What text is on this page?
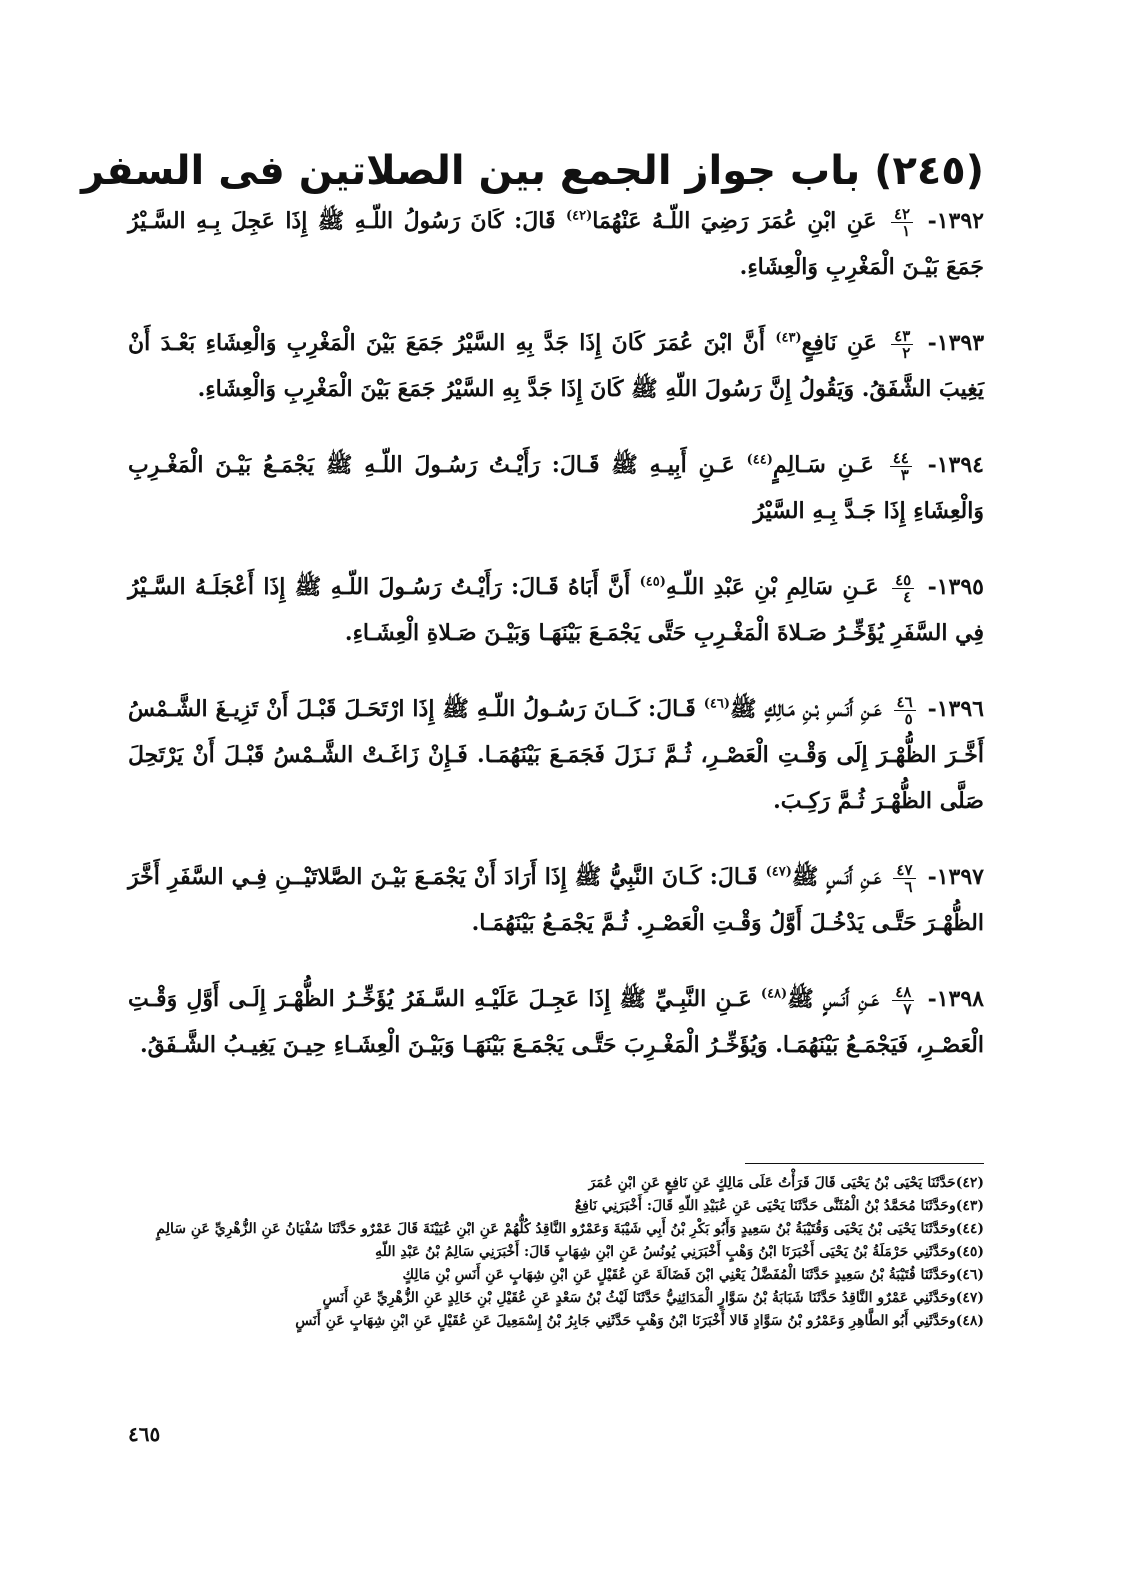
(٢٤٥) باب جواز الجمع بين الصلاتين فى السفر

١٣٩٢-
$\frac{٤٢}{١}$
عَنِ ابْنِ عُمَرَ رَضِيَ اللّـهُ عَنْهُمَا$^{(٤٢)}$ قَالَ: كَانَ رَسُولُ اللّـهِ ﷺ إِذَا عَجِلَ بِـهِ السَّـيْرُ جَمَعَ بَيْـنَ الْمَغْرِبِ وَالْعِشَاءِ.

١٣٩٣-
$\frac{٤٣}{٢}$
عَنِ نَافِعٍ$^{(٤٣)}$ أَنَّ ابْنَ عُمَرَ كَانَ إِذَا جَدَّ بِهِ السَّيْرُ جَمَعَ بَيْنَ الْمَغْرِبِ وَالْعِشَاءِ بَعْـدَ أَنْ يَغِيبَ الشَّفَقُ. وَيَقُولُ إِنَّ رَسُولَ اللّهِ ﷺ كَانَ إِذَا جَدَّ بِهِ السَّيْرُ جَمَعَ بَيْنَ الْمَغْرِبِ وَالْعِشَاءِ.

١٣٩٤-
$\frac{٤٤}{٣}$
عَـنِ سَـالِمٍ$^{(٤٤)}$ عَـنِ أَبِيـهِ ﷺ قَـالَ: رَأَيْـتُ رَسُـولَ اللّـهِ ﷺ يَجْمَـعُ بَيْـنَ الْمَغْـرِبِ وَالْعِشَاءِ إِذَا جَـدَّ بِـهِ السَّيْرُ

١٣٩٥-
$\frac{٤٥}{٤}$
عَـنِ سَالِمِ بْنِ عَبْدِ اللّـهِ$^{(٤٥)}$ أَنَّ أَبَاهُ قَـالَ: رَأَيْـتُ رَسُـولَ اللّـهِ ﷺ إِذَا أَعْجَلَـهُ السَّـيْرُ فِي السَّفَرِ يُؤَخِّـرُ صَـلاةَ الْمَغْـرِبِ حَتَّى يَجْمَـعَ بَيْنَهَـا وَبَيْـنَ صَـلاةِ الْعِشَـاءِ.

١٣٩٦-
$\frac{٤٦}{٥}$
عَـنِ أَنَـسِ بْـنِ مَـالِكٍ ﷺ$^{(٤٦)}$ قَـالَ: كَــانَ رَسُـولُ اللّـهِ ﷺ إِذَا ارْتَحَـلَ قَبْـلَ أَنْ تَزِيـغَ الشَّـمْسُ أَخَّـرَ الظُّهْـرَ إِلَى وَقْـتِ الْعَصْـرِ، ثُـمَّ نَـزَلَ فَجَمَـعَ بَيْنَهُمَـا. فَـإِنْ زَاغَـتْ الشَّـمْسُ قَبْـلَ أَنْ يَرْتَحِلَ صَلَّى الظُّهْـرَ ثُـمَّ رَكِـبَ.

١٣٩٧-
$\frac{٤٧}{٦}$
عَـنِ أَنَـسٍ ﷺ$^{(٤٧)}$ قَـالَ: كَـانَ النَّبِيُّ ﷺ إِذَا أَرَادَ أَنْ يَجْمَـعَ بَيْـنَ الصَّلاتَيْــنِ فِـي السَّفَرِ أَخَّرَ الظُّهْـرَ حَتَّـى يَدْخُـلَ أَوَّلُ وَقْـتِ الْعَصْـرِ. ثُـمَّ يَجْمَـعُ بَيْنَهُمَـا.

١٣٩٨-
$\frac{٤٨}{٧}$
عَـنِ أَنَـسٍ ﷺ$^{(٤٨)}$ عَـنِ النَّبِـيِّ ﷺ إِذَا عَجِـلَ عَلَيْـهِ السَّـفَرُ يُؤَخِّـرُ الظُّهْـرَ إِلَـى أَوَّلِ وَقْـتِ الْعَصْـرِ، فَيَجْمَـعُ بَيْنَهُمَـا. وَيُؤَخِّـرُ الْمَغْـرِبَ حَتَّـى يَجْمَـعَ بَيْنَهَـا وَبَيْـنَ الْعِشَـاءِ حِيـنَ يَغِيـبُ الشَّـفَقُ.

(٤٢)حَدَّثَنَا يَحْيَى بْنُ يَحْيَى قَالَ قَرَأْتُ عَلَى مَالِكٍ عَنِ نَافِعٍ عَنِ ابْنِ عُمَرَ

(٤٣)وحَدَّثَنَا مُحَمَّدُ بْنُ الْمُثَنَّى حَدَّثَنَا يَحْيَى عَنِ عُبَيْدِ اللّهِ قَالَ: أَخْبَرَنِي نَافِعٌ

(٤٤)وحَدَّثَنَا يَحْيَى بْنُ يَحْيَى وَقُتَيْبَةُ بْنُ سَعِيدٍ وَأَبُو بَكْرِ بْنُ أَبِي شَيْبَةَ وَعَمْرٌو النَّاقِدُ كُلُّهُمْ عَنِ ابْنِ عُيَيْنَةَ قَالَ عَمْرٌو حَدَّثَنَا سُفْيَانُ عَنِ الزُّهْرِيِّ عَنِ سَالِمٍ

(٤٥)وحَدَّثَنِي حَرْمَلَةُ بْنُ يَحْيَى أَخْبَرَنَا ابْنُ وَهْبٍ أَخْبَرَنِي يُونُسُ عَنِ ابْنِ شِهَابٍ قَالَ: أَخْبَرَنِي سَالِمُ بْنُ عَبْدِ اللّهِ

(٤٦)وحَدَّثَنَا قُتَيْبَةُ بْنُ سَعِيدٍ حَدَّثَنَا الْمُفَضَّلُ يَعْنِي ابْنَ فَضَالَةَ عَنِ عُقَيْلٍ عَنِ ابْنِ شِهَابٍ عَنِ أَنَسِ بْنِ مَالِكٍ

(٤٧)وحَدَّثَنِي عَمْرٌو النَّاقِدُ حَدَّثَنَا شَبَابَةُ بْنُ سَوَّارٍ الْمَدَائِنِيُّ حَدَّثَنَا لَيْثُ بْنُ سَعْدٍ عَنِ عُقَيْلِ بْنِ خَالِدٍ عَنِ الزُّهْرِيِّ عَنِ أَنَسٍ

(٤٨)وحَدَّثَنِي أَبُو الطَّاهِرِ وَعَمْرُو بْنُ سَوَّادٍ قَالا أَخْبَرَنَا ابْنُ وَهْبٍ حَدَّثَنِي جَابِرُ بْنُ إِسْمَعِيلَ عَنِ عُقَيْلٍ عَنِ ابْنِ شِهَابٍ عَنِ أَنَسٍ

٤٦٥
